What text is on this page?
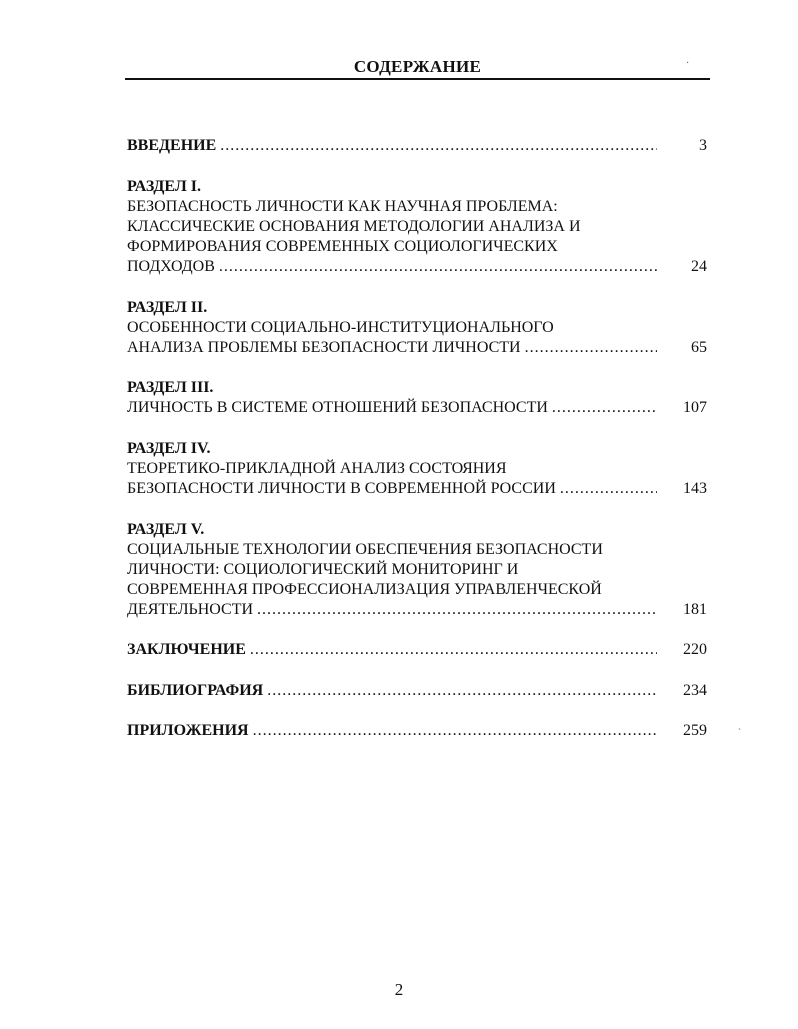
СОДЕРЖАНИЕ
ВВЕДЕНИЕ .....	3
РАЗДЕЛ I.
БЕЗОПАСНОСТЬ ЛИЧНОСТИ КАК НАУЧНАЯ ПРОБЛЕМА:
КЛАССИЧЕСКИЕ ОСНОВАНИЯ МЕТОДОЛОГИИ АНАЛИЗА И
ФОРМИРОВАНИЯ СОВРЕМЕННЫХ СОЦИОЛОГИЧЕСКИХ
ПОДХОДОВ .....	24
РАЗДЕЛ II.
ОСОБЕННОСТИ СОЦИАЛЬНО-ИНСТИТУЦИОНАЛЬНОГО
АНАЛИЗА ПРОБЛЕМЫ БЕЗОПАСНОСТИ ЛИЧНОСТИ .....	65
РАЗДЕЛ III.
ЛИЧНОСТЬ В СИСТЕМЕ ОТНОШЕНИЙ БЕЗОПАСНОСТИ .....	107
РАЗДЕЛ IV.
ТЕОРЕТИКО-ПРИКЛАДНОЙ АНАЛИЗ СОСТОЯНИЯ
БЕЗОПАСНОСТИ ЛИЧНОСТИ В СОВРЕМЕННОЙ РОССИИ .....	143
РАЗДЕЛ V.
СОЦИАЛЬНЫЕ ТЕХНОЛОГИИ ОБЕСПЕЧЕНИЯ БЕЗОПАСНОСТИ
ЛИЧНОСТИ: СОЦИОЛОГИЧЕСКИЙ МОНИТОРИНГ И
СОВРЕМЕННАЯ ПРОФЕССИОНАЛИЗАЦИЯ УПРАВЛЕНЧЕСКОЙ
ДЕЯТЕЛЬНОСТИ .....	181
ЗАКЛЮЧЕНИЕ .....	220
БИБЛИОГРАФИЯ .....	234
ПРИЛОЖЕНИЯ .....	259
·
`
2
